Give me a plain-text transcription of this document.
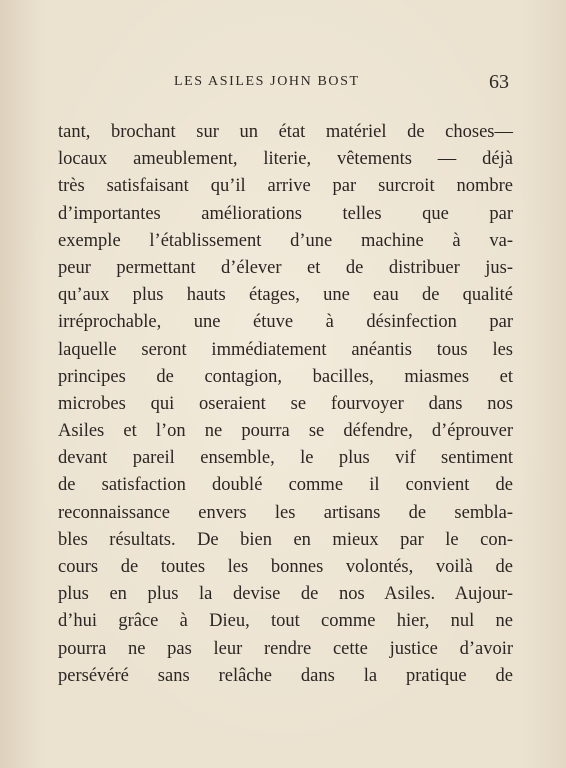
LES ASILES JOHN BOST	63
tant, brochant sur un état matériel de choses—
locaux ameublement, literie, vêtements — déjà
très satisfaisant qu’il arrive par surcroit nombre
d’importantes améliorations telles que par
exemple l’établissement d’une machine à va-
peur permettant d’élever et de distribuer jus-
qu’aux plus hauts étages, une eau de qualité
irréprochable, une étuve à désinfection par
laquelle seront immédiatement anéantis tous les
principes de contagion, bacilles, miasmes et
microbes qui oseraient se fourvoyer dans nos
Asiles et l’on ne pourra se défendre, d’éprouver
devant pareil ensemble, le plus vif sentiment
de satisfaction doublé comme il convient de
reconnaissance envers les artisans de sembla-
bles résultats. De bien en mieux par le con-
cours de toutes les bonnes volontés, voilà de
plus en plus la devise de nos Asiles. Aujour-
d’hui grâce à Dieu, tout comme hier, nul ne
pourra ne pas leur rendre cette justice d’avoir
persévéré sans relâche dans la pratique de
